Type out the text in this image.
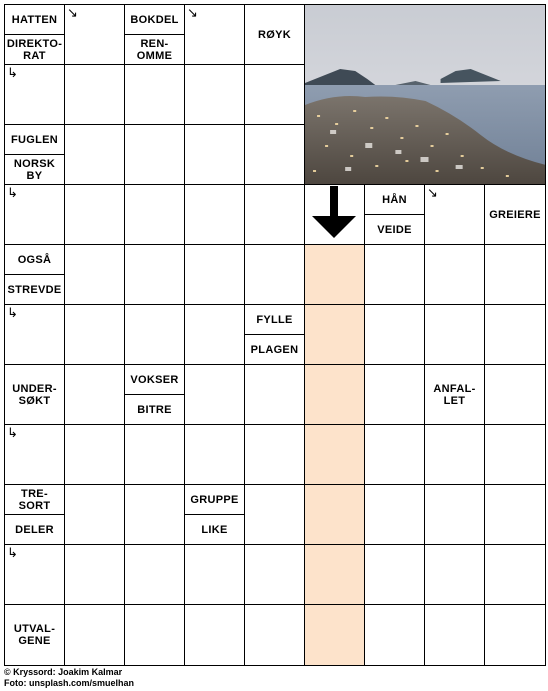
HATTEN
DIREKTO-
RAT
BOKDEL
REN-
OMME
RØYK
FUGLEN
NORSK
BY
HÅN
VEIDE
GREIERE
OGSÅ
STREVDE
FYLLE
PLAGEN
UNDER-
SØKT
VOKSER
BITRE
ANFAL-
LET
TRE-
SORT
DELER
GRUPPE
LIKE
UTVAL-
GENE
↘	↘
↳
↳	↘
↳
↳
↳
© Kryssord: Joakim Kalmar
Foto: unsplash.com/smuelhan
